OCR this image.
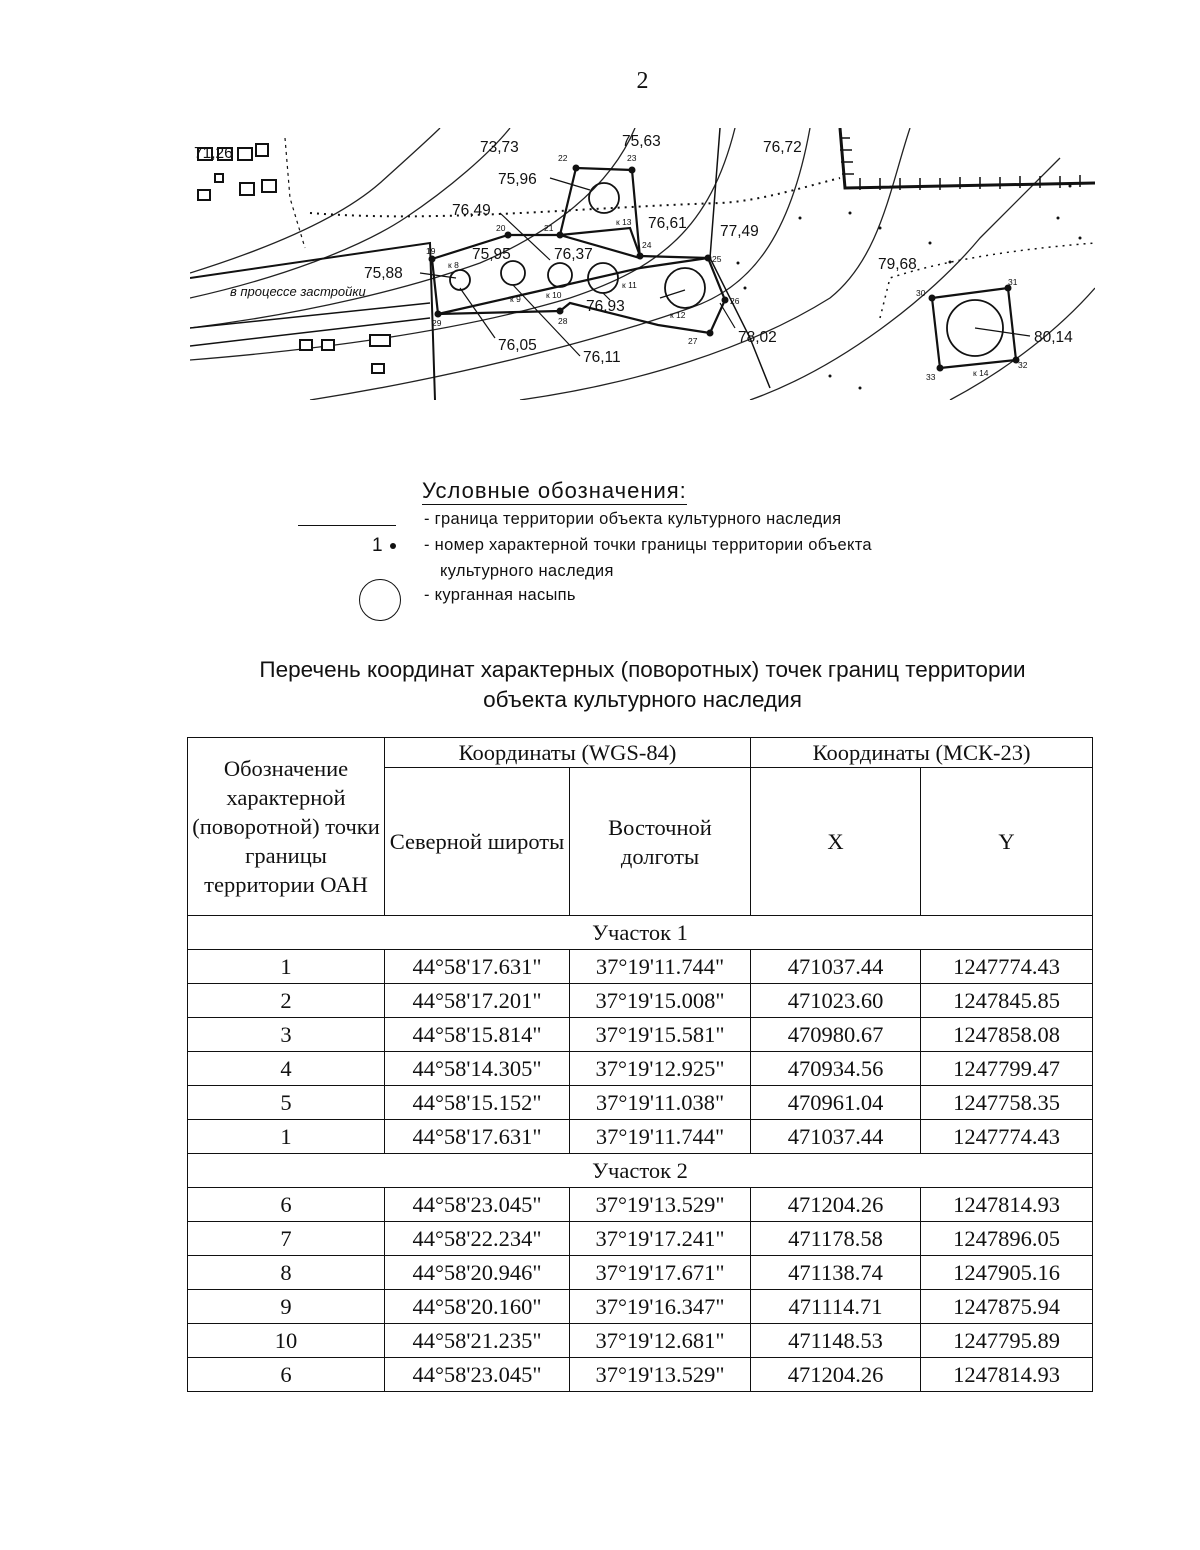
2
71,26	73,73	75,63	76,72
75,96
76,49
76,61 77,49
75,95	76,37
75,88
в процессе застройки
76,93
78,02
76,05
76,11
79,68
80,14
22	23
20	21
24
25
19
26
27
28
29
30
31
32
33
к 8
к 9	к 10
к 11
к 12
к 13
к 14
Условные обозначения:
- граница территории объекта культурного наследия
1	- номер характерной точки границы территории объекта
культурного наследия
- курганная насыпь
Перечень координат характерных (поворотных) точек границ территории
объекта культурного наследия
Обозначение характерной (поворотной) точки границы территории ОАН	Координаты (WGS-84)		Координаты (МСК-23)	
	Северной широты	Восточной долготы	X	Y
Участок 1				
1	44°58'17.631"	37°19'11.744"	471037.44	1247774.43
2	44°58'17.201"	37°19'15.008"	471023.60	1247845.85
3	44°58'15.814"	37°19'15.581"	470980.67	1247858.08
4	44°58'14.305"	37°19'12.925"	470934.56	1247799.47
5	44°58'15.152"	37°19'11.038"	470961.04	1247758.35
1	44°58'17.631"	37°19'11.744"	471037.44	1247774.43
Участок 2				
6	44°58'23.045"	37°19'13.529"	471204.26	1247814.93
7	44°58'22.234"	37°19'17.241"	471178.58	1247896.05
8	44°58'20.946"	37°19'17.671"	471138.74	1247905.16
9	44°58'20.160"	37°19'16.347"	471114.71	1247875.94
10	44°58'21.235"	37°19'12.681"	471148.53	1247795.89
6	44°58'23.045"	37°19'13.529"	471204.26	1247814.93
